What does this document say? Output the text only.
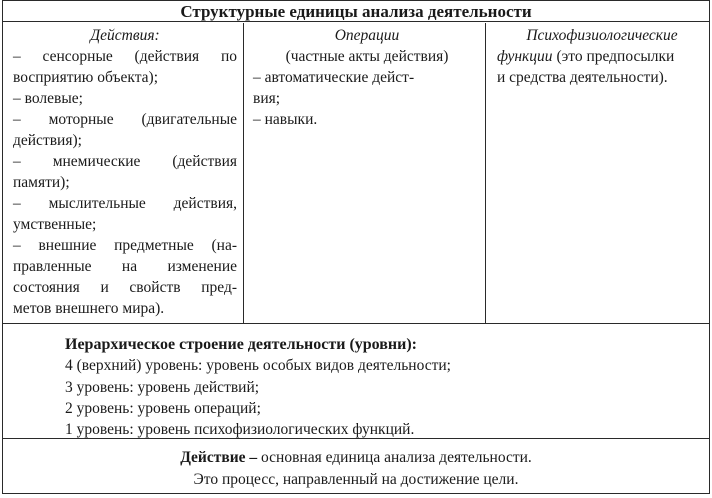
Структурные единицы анализа деятельности
Действия:
– сенсорные (действия по
восприятию объекта);
– волевые;
– моторные (двигательные
действия);
– мнемические (действия
памяти);
– мыслительные действия,
умственные;
– внешние предметные (на-
правленные на изменение
состояния и свойств пред-
метов внешнего мира).
Операции
(частные акты действия)
– автоматические дейст-
вия;
– навыки.
Психофизиологические
функции (это предпосылки
и средства деятельности).
Иерархическое строение деятельности (уровни):
4 (верхний) уровень: уровень особых видов деятельности;
3 уровень: уровень действий;
2 уровень: уровень операций;
1 уровень: уровень психофизиологических функций.
Действие – основная единица анализа деятельности.
Это процесс, направленный на достижение цели.
